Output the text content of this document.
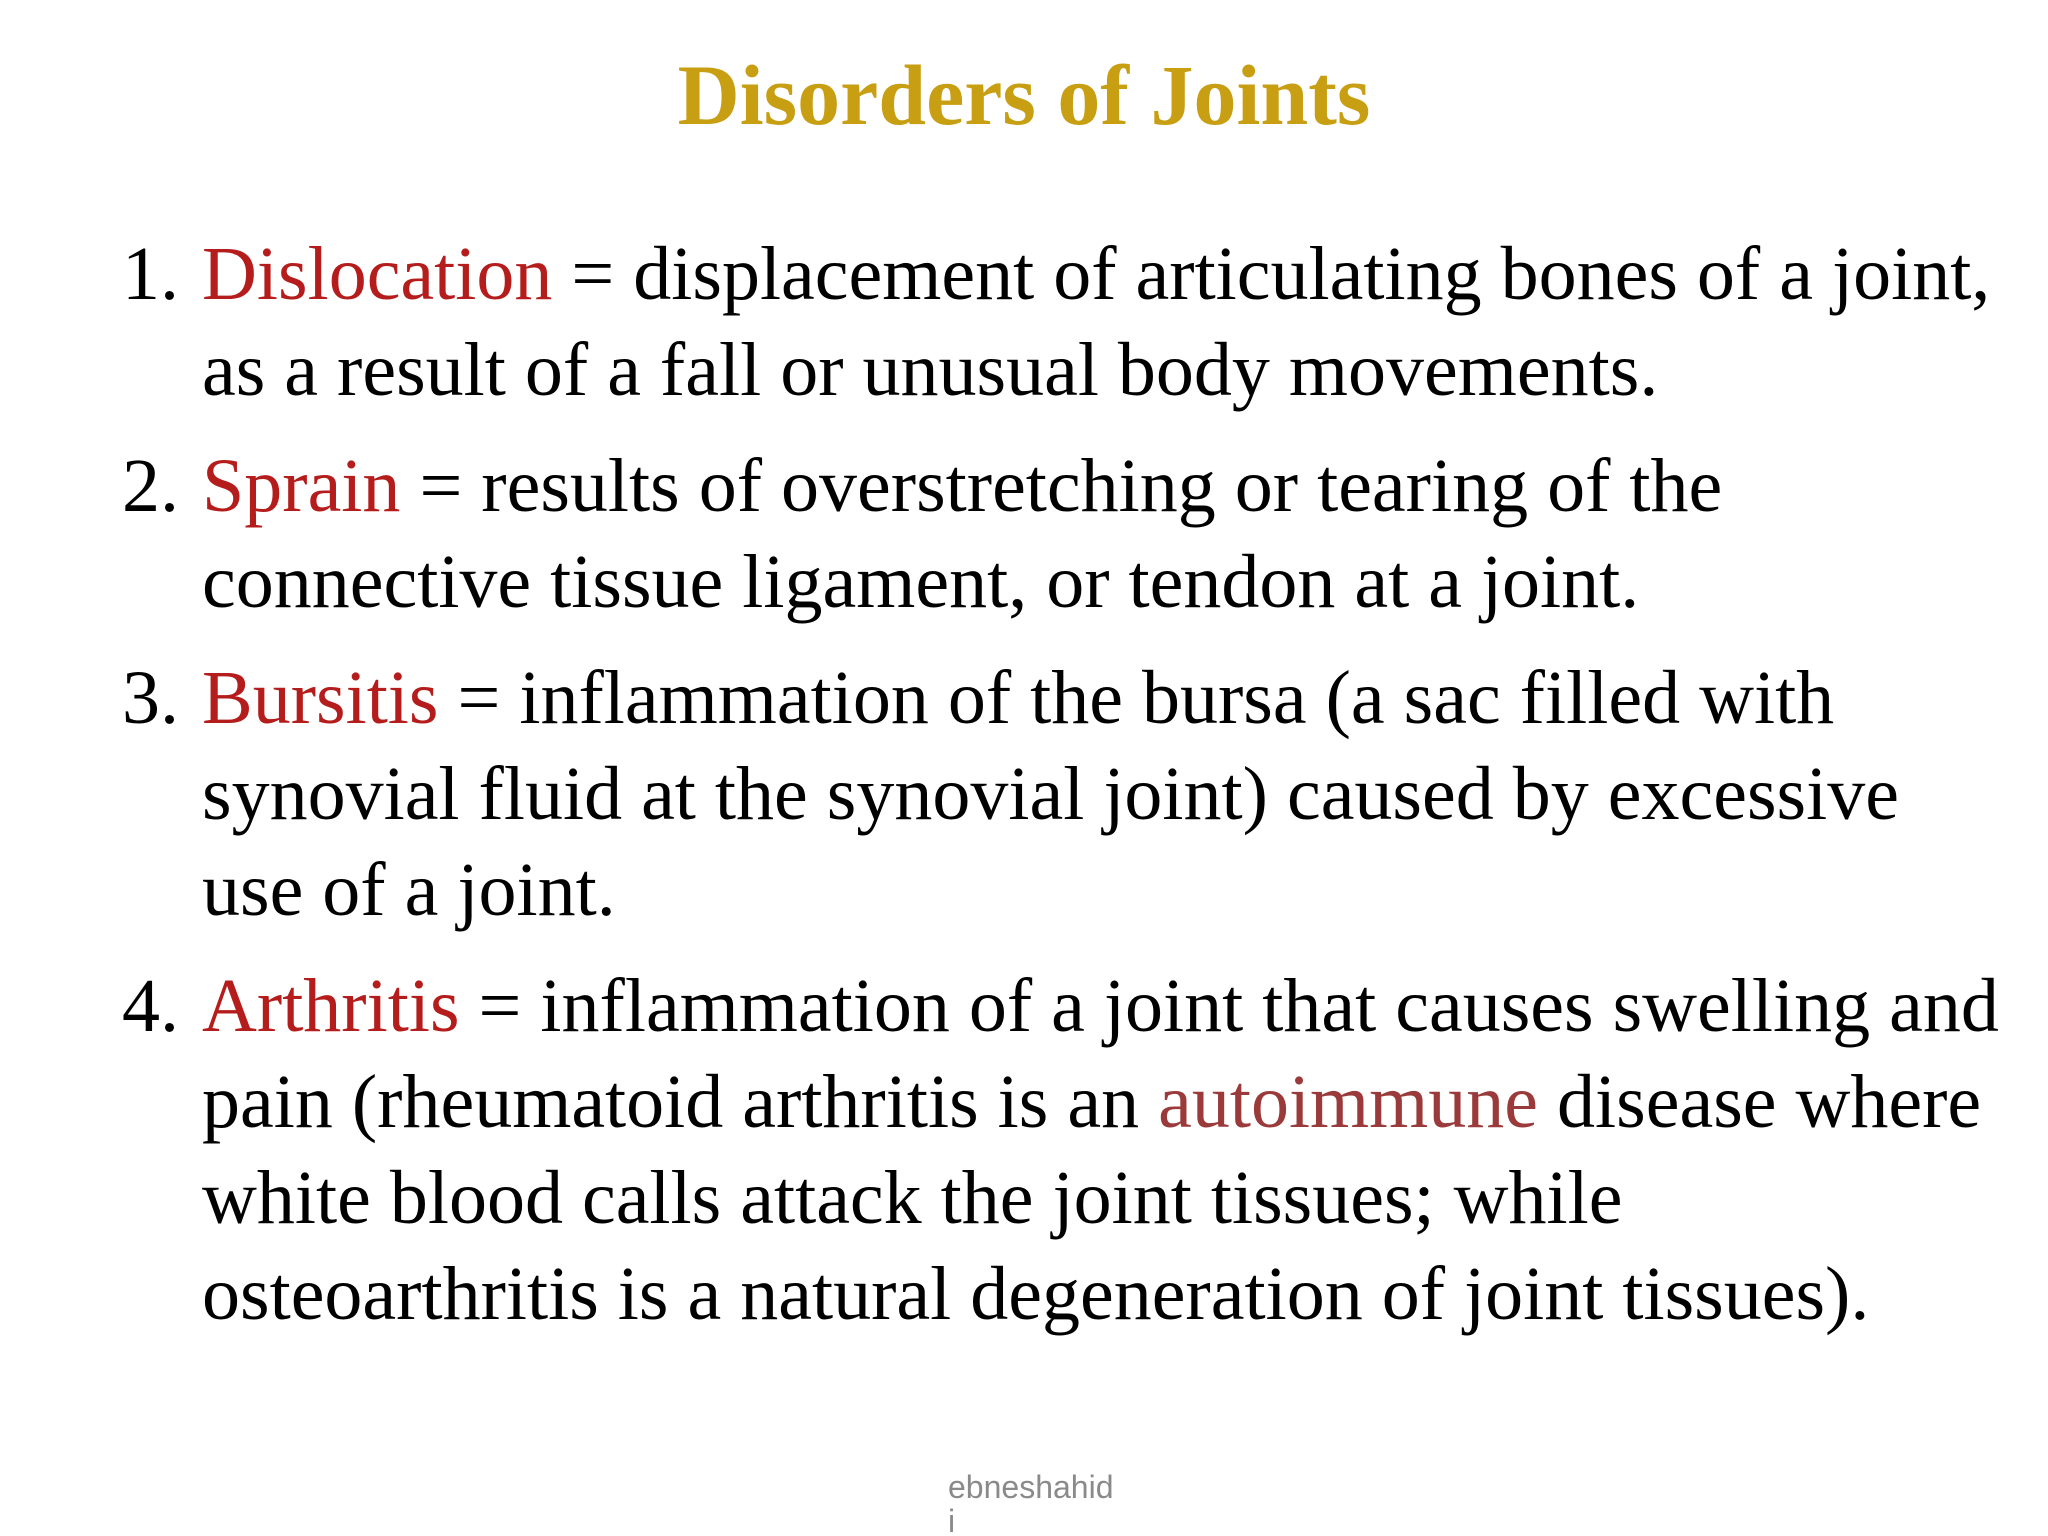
Disorders of Joints
1. Dislocation = displacement of articulating bones of a joint, as a result of a fall or unusual body movements.
2. Sprain = results of overstretching or tearing of the connective tissue ligament, or tendon at a joint.
3. Bursitis = inflammation of the bursa (a sac filled with synovial fluid at the synovial joint) caused by excessive use of a joint.
4. Arthritis = inflammation of a joint that causes swelling and pain (rheumatoid arthritis is an autoimmune disease where white blood calls attack the joint tissues; while osteoarthritis is a natural degeneration of joint tissues).
ebneshahidi
